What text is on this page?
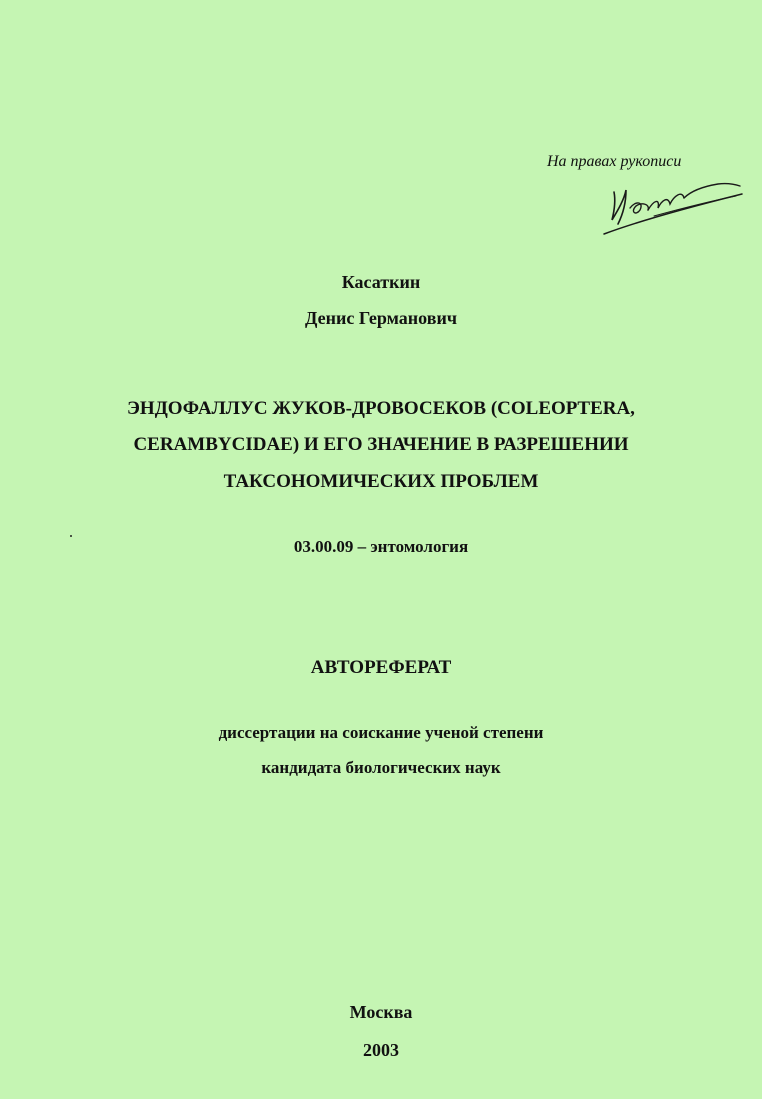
На правах рукописи
Касаткин
Денис Германович
ЭНДОФАЛЛУС ЖУКОВ-ДРОВОСЕКОВ (COLEOPTERA,
CERAMBYCIDAE) И ЕГО ЗНАЧЕНИЕ В РАЗРЕШЕНИИ
ТАКСОНОМИЧЕСКИХ ПРОБЛЕМ
03.00.09 – энтомология
АВТОРЕФЕРАТ
диссертации на соискание ученой степени
кандидата биологических наук
Москва
2003
